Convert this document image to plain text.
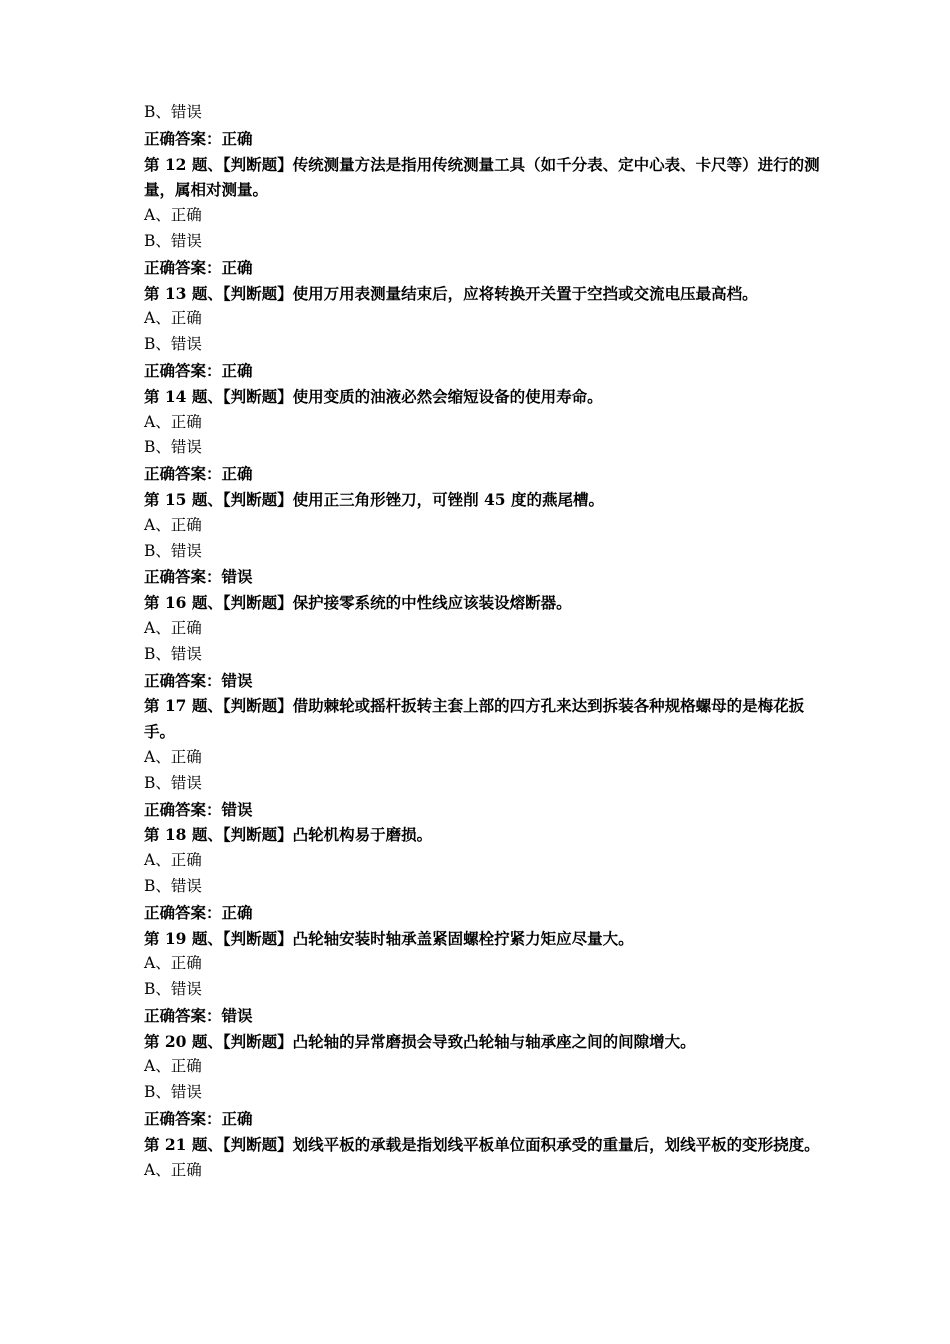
B、错误
正确答案：正确
第 12 题、【判断题】传统测量方法是指用传统测量工具（如千分表、定中心表、卡尺等）进行的测量，属相对测量。
A、正确
B、错误
正确答案：正确
第 13 题、【判断题】使用万用表测量结束后，应将转换开关置于空挡或交流电压最高档。
A、正确
B、错误
正确答案：正确
第 14 题、【判断题】使用变质的油液必然会缩短设备的使用寿命。
A、正确
B、错误
正确答案：正确
第 15 题、【判断题】使用正三角形锉刀，可锉削 45 度的燕尾槽。
A、正确
B、错误
正确答案：错误
第 16 题、【判断题】保护接零系统的中性线应该装设熔断器。
A、正确
B、错误
正确答案：错误
第 17 题、【判断题】借助棘轮或摇杆扳转主套上部的四方孔来达到拆装各种规格螺母的是梅花扳手。
A、正确
B、错误
正确答案：错误
第 18 题、【判断题】凸轮机构易于磨损。
A、正确
B、错误
正确答案：正确
第 19 题、【判断题】凸轮轴安装时轴承盖紧固螺栓拧紧力矩应尽量大。
A、正确
B、错误
正确答案：错误
第 20 题、【判断题】凸轮轴的异常磨损会导致凸轮轴与轴承座之间的间隙增大。
A、正确
B、错误
正确答案：正确
第 21 题、【判断题】划线平板的承载是指划线平板单位面积承受的重量后，划线平板的变形挠度。
A、正确
